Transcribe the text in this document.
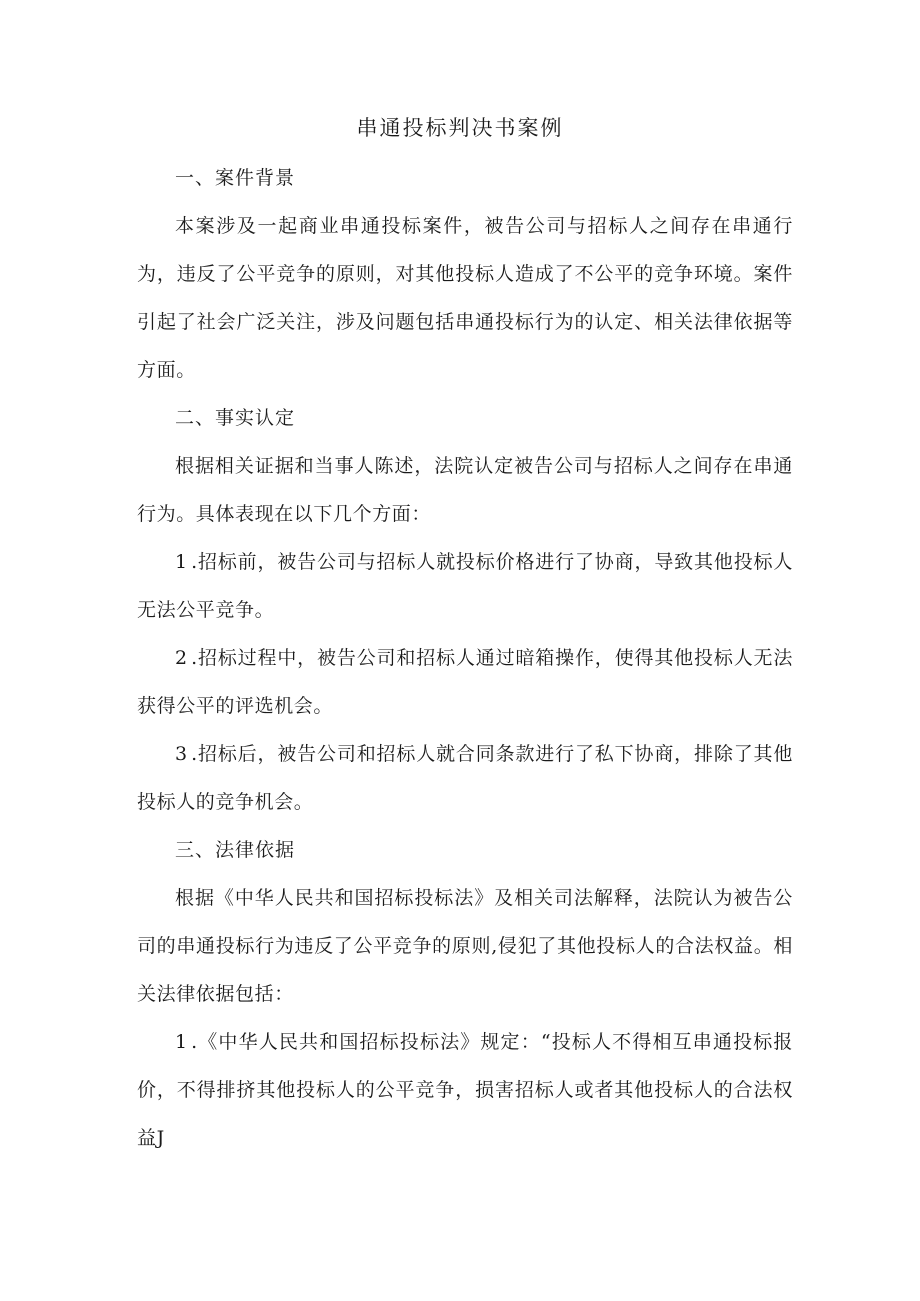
串通投标判决书案例

一、案件背景

本案涉及一起商业串通投标案件，被告公司与招标人之间存在串通行为，违反了公平竞争的原则，对其他投标人造成了不公平的竞争环境。案件引起了社会广泛关注，涉及问题包括串通投标行为的认定、相关法律依据等方面。

二、事实认定

根据相关证据和当事人陈述，法院认定被告公司与招标人之间存在串通行为。具体表现在以下几个方面：

1 .招标前，被告公司与招标人就投标价格进行了协商，导致其他投标人无法公平竞争。

2 .招标过程中，被告公司和招标人通过暗箱操作，使得其他投标人无法获得公平的评选机会。

3 .招标后，被告公司和招标人就合同条款进行了私下协商，排除了其他投标人的竞争机会。

三、法律依据

根据《中华人民共和国招标投标法》及相关司法解释，法院认为被告公司的串通投标行为违反了公平竞争的原则,侵犯了其他投标人的合法权益。相关法律依据包括：

1 .《中华人民共和国招标投标法》规定：“投标人不得相互串通投标报价，不得排挤其他投标人的公平竞争，损害招标人或者其他投标人的合法权益J
